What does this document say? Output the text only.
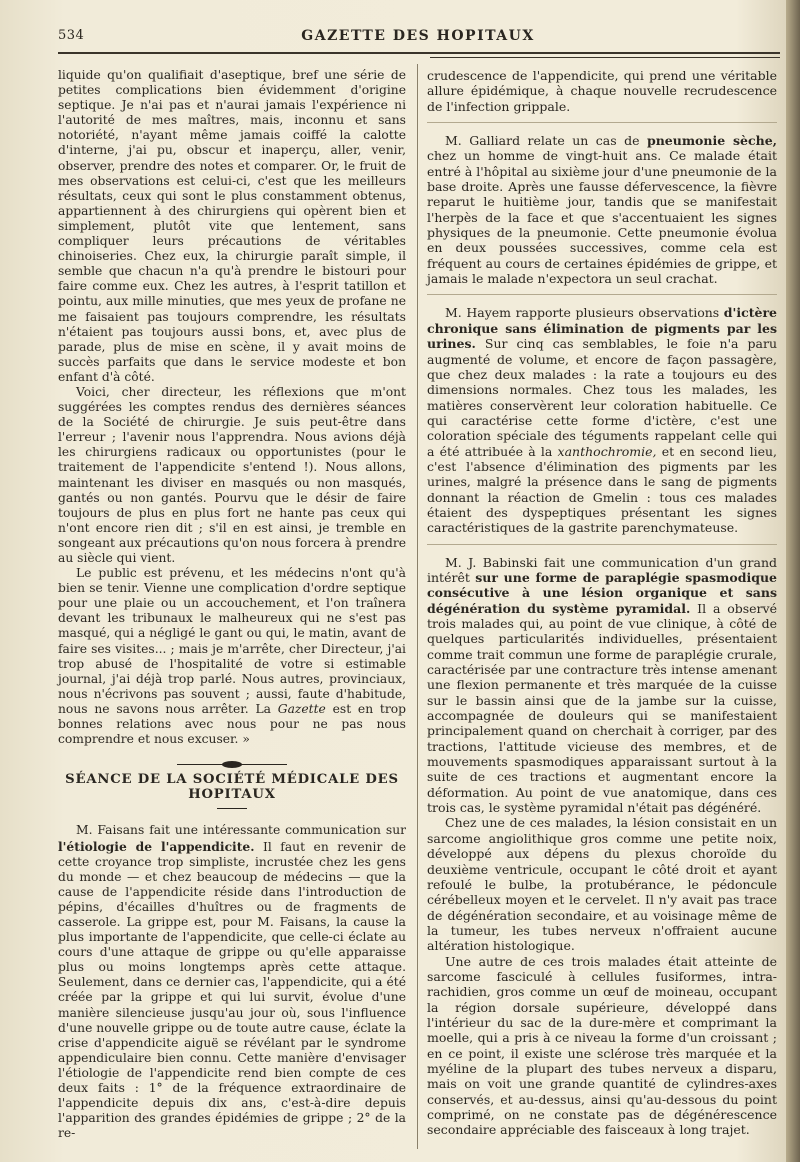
534	GAZETTE DES HOPITAUX

liquide qu'on qualifiait d'aseptique, bref une série de petites complications bien évidemment d'origine septique. Je n'ai pas et n'aurai jamais l'expérience ni l'autorité de mes maîtres, mais, inconnu et sans notoriété, n'ayant même jamais coiffé la calotte d'interne, j'ai pu, obscur et inaperçu, aller, venir, observer, prendre des notes et comparer. Or, le fruit de mes observations est celui-ci, c'est que les meilleurs résultats, ceux qui sont le plus constamment obtenus, appartiennent à des chirurgiens qui opèrent bien et simplement, plutôt vite que lentement, sans compliquer leurs précautions de véritables chinoiseries. Chez eux, la chirurgie paraît simple, il semble que chacun n'a qu'à prendre le bistouri pour faire comme eux. Chez les autres, à l'esprit tatillon et pointu, aux mille minuties, que mes yeux de profane ne me faisaient pas toujours comprendre, les résultats n'étaient pas toujours aussi bons, et, avec plus de parade, plus de mise en scène, il y avait moins de succès parfaits que dans le service modeste et bon enfant d'à côté.

Voici, cher directeur, les réflexions que m'ont suggérées les comptes rendus des dernières séances de la Société de chirurgie. Je suis peut-être dans l'erreur ; l'avenir nous l'apprendra. Nous avions déjà les chirurgiens radicaux ou opportunistes (pour le traitement de l'appendicite s'entend !). Nous allons, maintenant les diviser en masqués ou non masqués, gantés ou non gantés. Pourvu que le désir de faire toujours de plus en plus fort ne hante pas ceux qui n'ont encore rien dit ; s'il en est ainsi, je tremble en songeant aux précautions qu'on nous forcera à prendre au siècle qui vient.

Le public est prévenu, et les médecins n'ont qu'à bien se tenir. Vienne une complication d'ordre septique pour une plaie ou un accouchement, et l'on traînera devant les tribunaux le malheureux qui ne s'est pas masqué, qui a négligé le gant ou qui, le matin, avant de faire ses visites... ; mais je m'arrête, cher Directeur, j'ai trop abusé de l'hospitalité de votre si estimable journal, j'ai déjà trop parlé. Nous autres, provinciaux, nous n'écrivons pas souvent ; aussi, faute d'habitude, nous ne savons nous arrêter. La Gazette est en trop bonnes relations avec nous pour ne pas nous comprendre et nous excuser. »

SÉANCE DE LA SOCIÉTÉ MÉDICALE DES HOPITAUX

M. Faisans fait une intéressante communication sur l'étiologie de l'appendicite. Il faut en revenir de cette croyance trop simpliste, incrustée chez les gens du monde — et chez beaucoup de médecins — que la cause de l'appendicite réside dans l'introduction de pépins, d'écailles d'huîtres ou de fragments de casserole. La grippe est, pour M. Faisans, la cause la plus importante de l'appendicite, que celle-ci éclate au cours d'une attaque de grippe ou qu'elle apparaisse plus ou moins longtemps après cette attaque. Seulement, dans ce dernier cas, l'appendicite, qui a été créée par la grippe et qui lui survit, évolue d'une manière silencieuse jusqu'au jour où, sous l'influence d'une nouvelle grippe ou de toute autre cause, éclate la crise d'appendicite aiguë se révélant par le syndrome appendiculaire bien connu. Cette manière d'envisager l'étiologie de l'appendicite rend bien compte de ces deux faits : 1° de la fréquence extraordinaire de l'appendicite depuis dix ans, c'est-à-dire depuis l'apparition des grandes épidémies de grippe ; 2° de la re-

crudescence de l'appendicite, qui prend une véritable allure épidémique, à chaque nouvelle recrudescence de l'infection grippale.

M. Galliard relate un cas de pneumonie sèche, chez un homme de vingt-huit ans. Ce malade était entré à l'hôpital au sixième jour d'une pneumonie de la base droite. Après une fausse défervescence, la fièvre reparut le huitième jour, tandis que se manifestait l'herpès de la face et que s'accentuaient les signes physiques de la pneumonie. Cette pneumonie évolua en deux poussées successives, comme cela est fréquent au cours de certaines épidémies de grippe, et jamais le malade n'expectora un seul crachat.

M. Hayem rapporte plusieurs observations d'ictère chronique sans élimination de pigments par les urines. Sur cinq cas semblables, le foie n'a paru augmenté de volume, et encore de façon passagère, que chez deux malades : la rate a toujours eu des dimensions normales. Chez tous les malades, les matières conservèrent leur coloration habituelle. Ce qui caractérise cette forme d'ictère, c'est une coloration spéciale des téguments rappelant celle qui a été attribuée à la xanthochromie, et en second lieu, c'est l'absence d'élimination des pigments par les urines, malgré la présence dans le sang de pigments donnant la réaction de Gmelin : tous ces malades étaient des dyspeptiques présentant les signes caractéristiques de la gastrite parenchymateuse.

M. J. Babinski fait une communication d'un grand intérêt sur une forme de paraplégie spasmodique consécutive à une lésion organique et sans dégénération du système pyramidal. Il a observé trois malades qui, au point de vue clinique, à côté de quelques particularités individuelles, présentaient comme trait commun une forme de paraplégie crurale, caractérisée par une contracture très intense amenant une flexion permanente et très marquée de la cuisse sur le bassin ainsi que de la jambe sur la cuisse, accompagnée de douleurs qui se manifestaient principalement quand on cherchait à corriger, par des tractions, l'attitude vicieuse des membres, et de mouvements spasmodiques apparaissant surtout à la suite de ces tractions et augmentant encore la déformation. Au point de vue anatomique, dans ces trois cas, le système pyramidal n'était pas dégénéré.

Chez une de ces malades, la lésion consistait en un sarcome angiolithique gros comme une petite noix, développé aux dépens du plexus choroïde du deuxième ventricule, occupant le côté droit et ayant refoulé le bulbe, la protubérance, le pédoncule cérébelleux moyen et le cervelet. Il n'y avait pas trace de dégénération secondaire, et au voisinage même de la tumeur, les tubes nerveux n'offraient aucune altération histologique.

Une autre de ces trois malades était atteinte de sarcome fasciculé à cellules fusiformes, intra-rachidien, gros comme un œuf de moineau, occupant la région dorsale supérieure, développé dans l'intérieur du sac de la dure-mère et comprimant la moelle, qui a pris à ce niveau la forme d'un croissant ; en ce point, il existe une sclérose très marquée et la myéline de la plupart des tubes nerveux a disparu, mais on voit une grande quantité de cylindres-axes conservés, et au-dessus, ainsi qu'au-dessous du point comprimé, on ne constate pas de dégénérescence secondaire appréciable des faisceaux à long trajet.
